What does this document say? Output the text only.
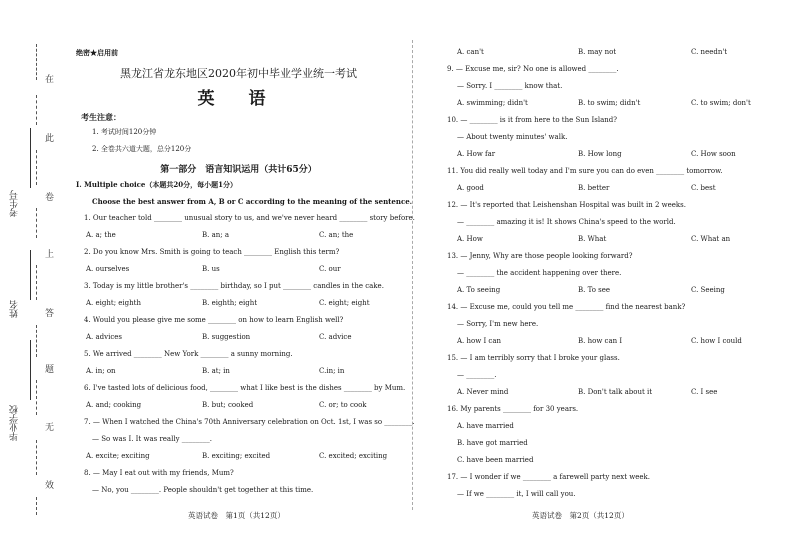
在
此
卷
考生号
上
姓名	答
题
毕业学校	无
效
绝密★启用前
黑龙江省龙东地区2020年初中毕业学业统一考试
英 语
考生注意：
1. 考试时间120分钟
2. 全卷共六道大题，总分120分
第一部分　语言知识运用（共计65分）
I. Multiple choice（本题共20分，每小题1分）
Choose the best answer from A, B or C according to the meaning of the sentence.
1. Our teacher told ________ unusual story to us, and we've never heard ________ story before.
A. a; the	B. an; a	C. an; the
2. Do you know Mrs. Smith is going to teach ________ English this term?
A. ourselves	B. us	C. our
3. Today is my little brother's ________ birthday, so I put ________ candles in the cake.
A. eight; eighth	B. eighth; eight	C. eight; eight
4. Would you please give me some ________ on how to learn English well?
A. advices	B. suggestion	C. advice
5. We arrived ________ New York ________ a sunny morning.
A. in; on	B. at; in	C.in; in
6. I've tasted lots of delicious food, ________ what I like best is the dishes ________ by Mum.
A. and; cooking	B. but; cooked	C. or; to cook
7. — When I watched the China's 70th Anniversary celebration on Oct. 1st, I was so ________.
— So was I. It was really ________.
A. excite; exciting	B. exciting; excited	C. excited; exciting
8. — May I eat out with my friends, Mum?
— No, you ________. People shouldn't get together at this time.
英语试卷　第1页（共12页）
A. can't	B. may not	C. needn't
9. — Excuse me, sir? No one is allowed ________.
— Sorry. I ________ know that.
A. swimming; didn't	B. to swim; didn't	C. to swim; don't
10. — ________ is it from here to the Sun Island?
— About twenty minutes' walk.
A. How far	B. How long	C. How soon
11. You did really well today and I'm sure you can do even ________ tomorrow.
A. good	B. better	C. best
12. — It's reported that Leishenshan Hospital was built in 2 weeks.
— ________ amazing it is! It shows China's speed to the world.
A. How	B. What	C. What an
13. — Jenny, Why are those people looking forward?
— ________ the accident happening over there.
A. To seeing	B. To see	C. Seeing
14. — Excuse me, could you tell me ________ find the nearest bank?
— Sorry, I'm new here.
A. how I can	B. how can I	C. how I could
15. — I am terribly sorry that I broke your glass.
— ________.
A. Never mind	B. Don't talk about it	C. I see
16. My parents ________ for 30 years.
A. have married
B. have got married
C. have been married
17. — I wonder if we ________ a farewell party next week.
— If we ________ it, I will call you.
英语试卷　第2页（共12页）
